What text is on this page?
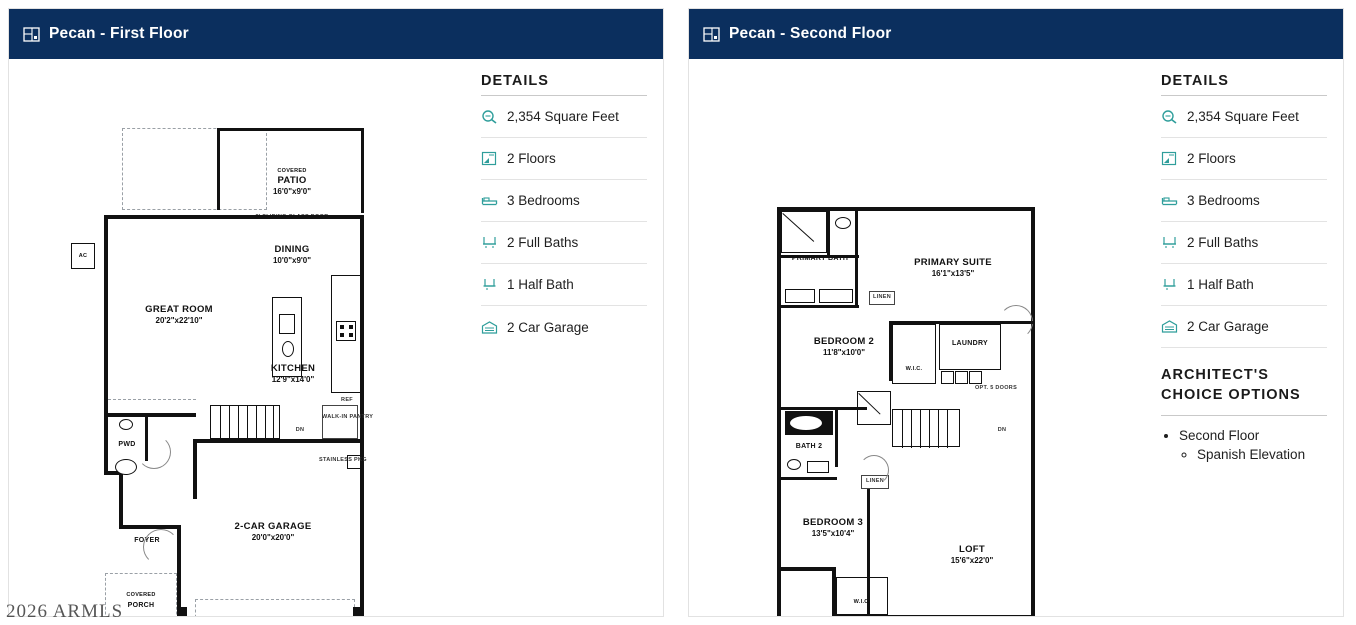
Pecan - First Floor
COVERED
PATIO
16'0"x9'0"
AC
DINING
10'0"x9'0"
GREAT ROOM
20'2"x22'10"
REF
KITCHEN
12'9"x14'0"
WALK-IN PANTRY
DN
PWD
2-CAR GARAGE
20'0"x20'0"
STAINLESS PKG
FOYER
COVERED
PORCH
DETAILS
2,354 Square Feet
2 Floors
3 Bedrooms
2 Full Baths
1 Half Bath
2 Car Garage
Pecan - Second Floor
PRIMARY BATH	PRIMARY SUITE
16'1"x13'5"
LINEN
BEDROOM 2
11'8"x10'0"
W.I.C.
LAUNDRY
OPT. 5 DOORS
BATH 2
DN
LINEN
BEDROOM 3
13'5"x10'4"
W.I.C.
LOFT
15'6"x22'0"
DETAILS
2,354 Square Feet
2 Floors
3 Bedrooms
2 Full Baths
1 Half Bath
2 Car Garage
ARCHITECT'S CHOICE OPTIONS
• Second Floor
◦ Spanish Elevation
2026 ARMLS
